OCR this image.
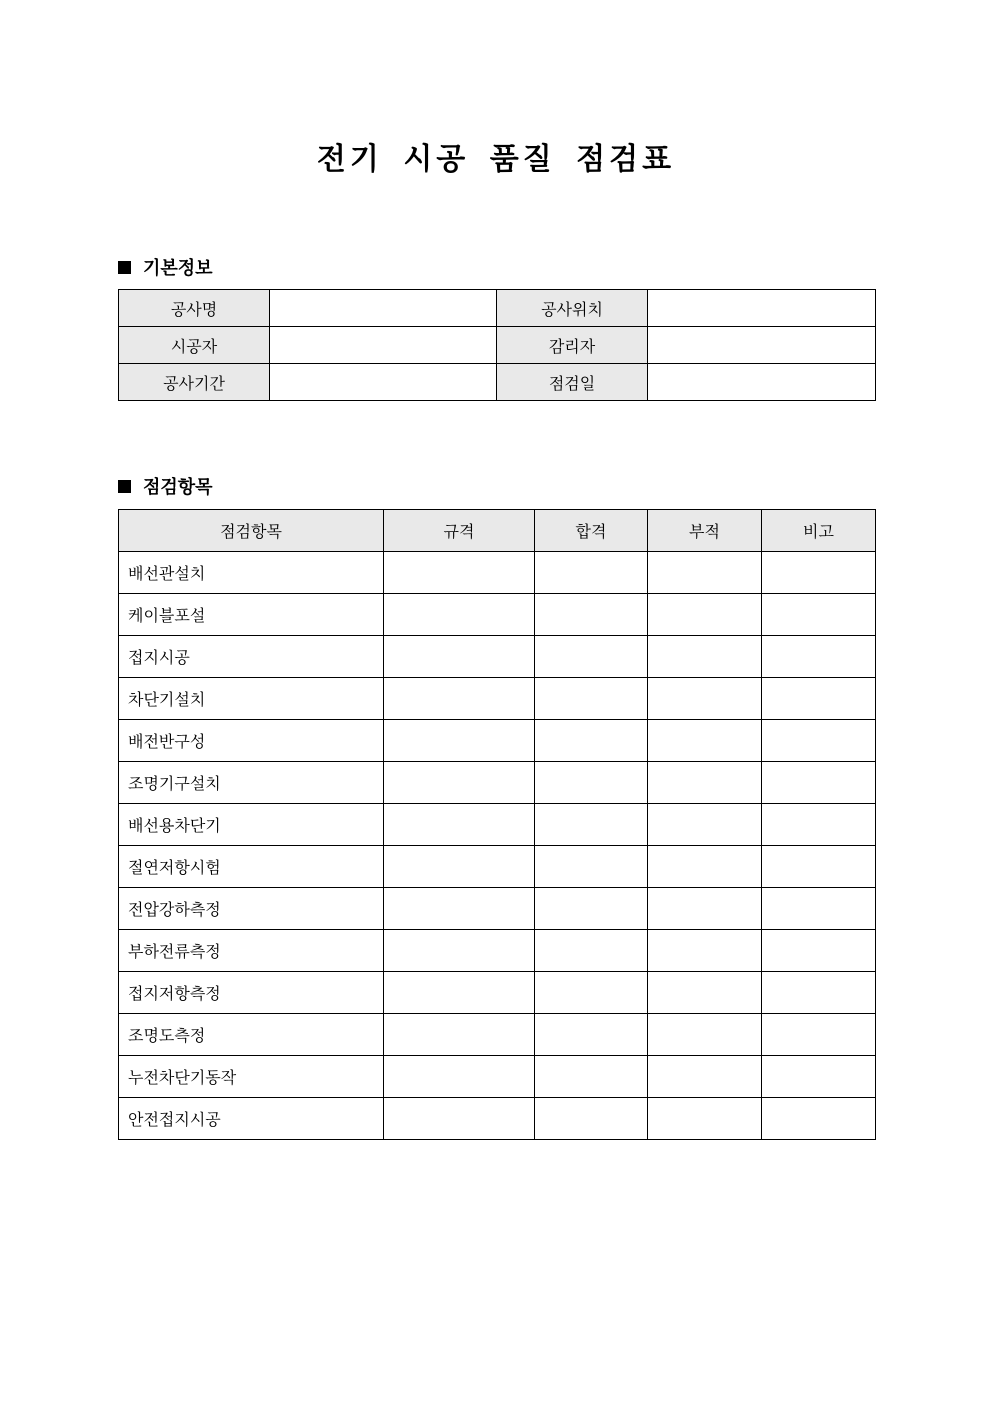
전기 시공 품질 점검표
기본정보
공사명		공사위치	
시공자		감리자	
공사기간		점검일	
점검항목
점검항목	규격	합격	부적	비고
배선관설치				
케이블포설				
접지시공				
차단기설치				
배전반구성				
조명기구설치				
배선용차단기				
절연저항시험				
전압강하측정				
부하전류측정				
접지저항측정				
조명도측정				
누전차단기동작				
안전접지시공				
